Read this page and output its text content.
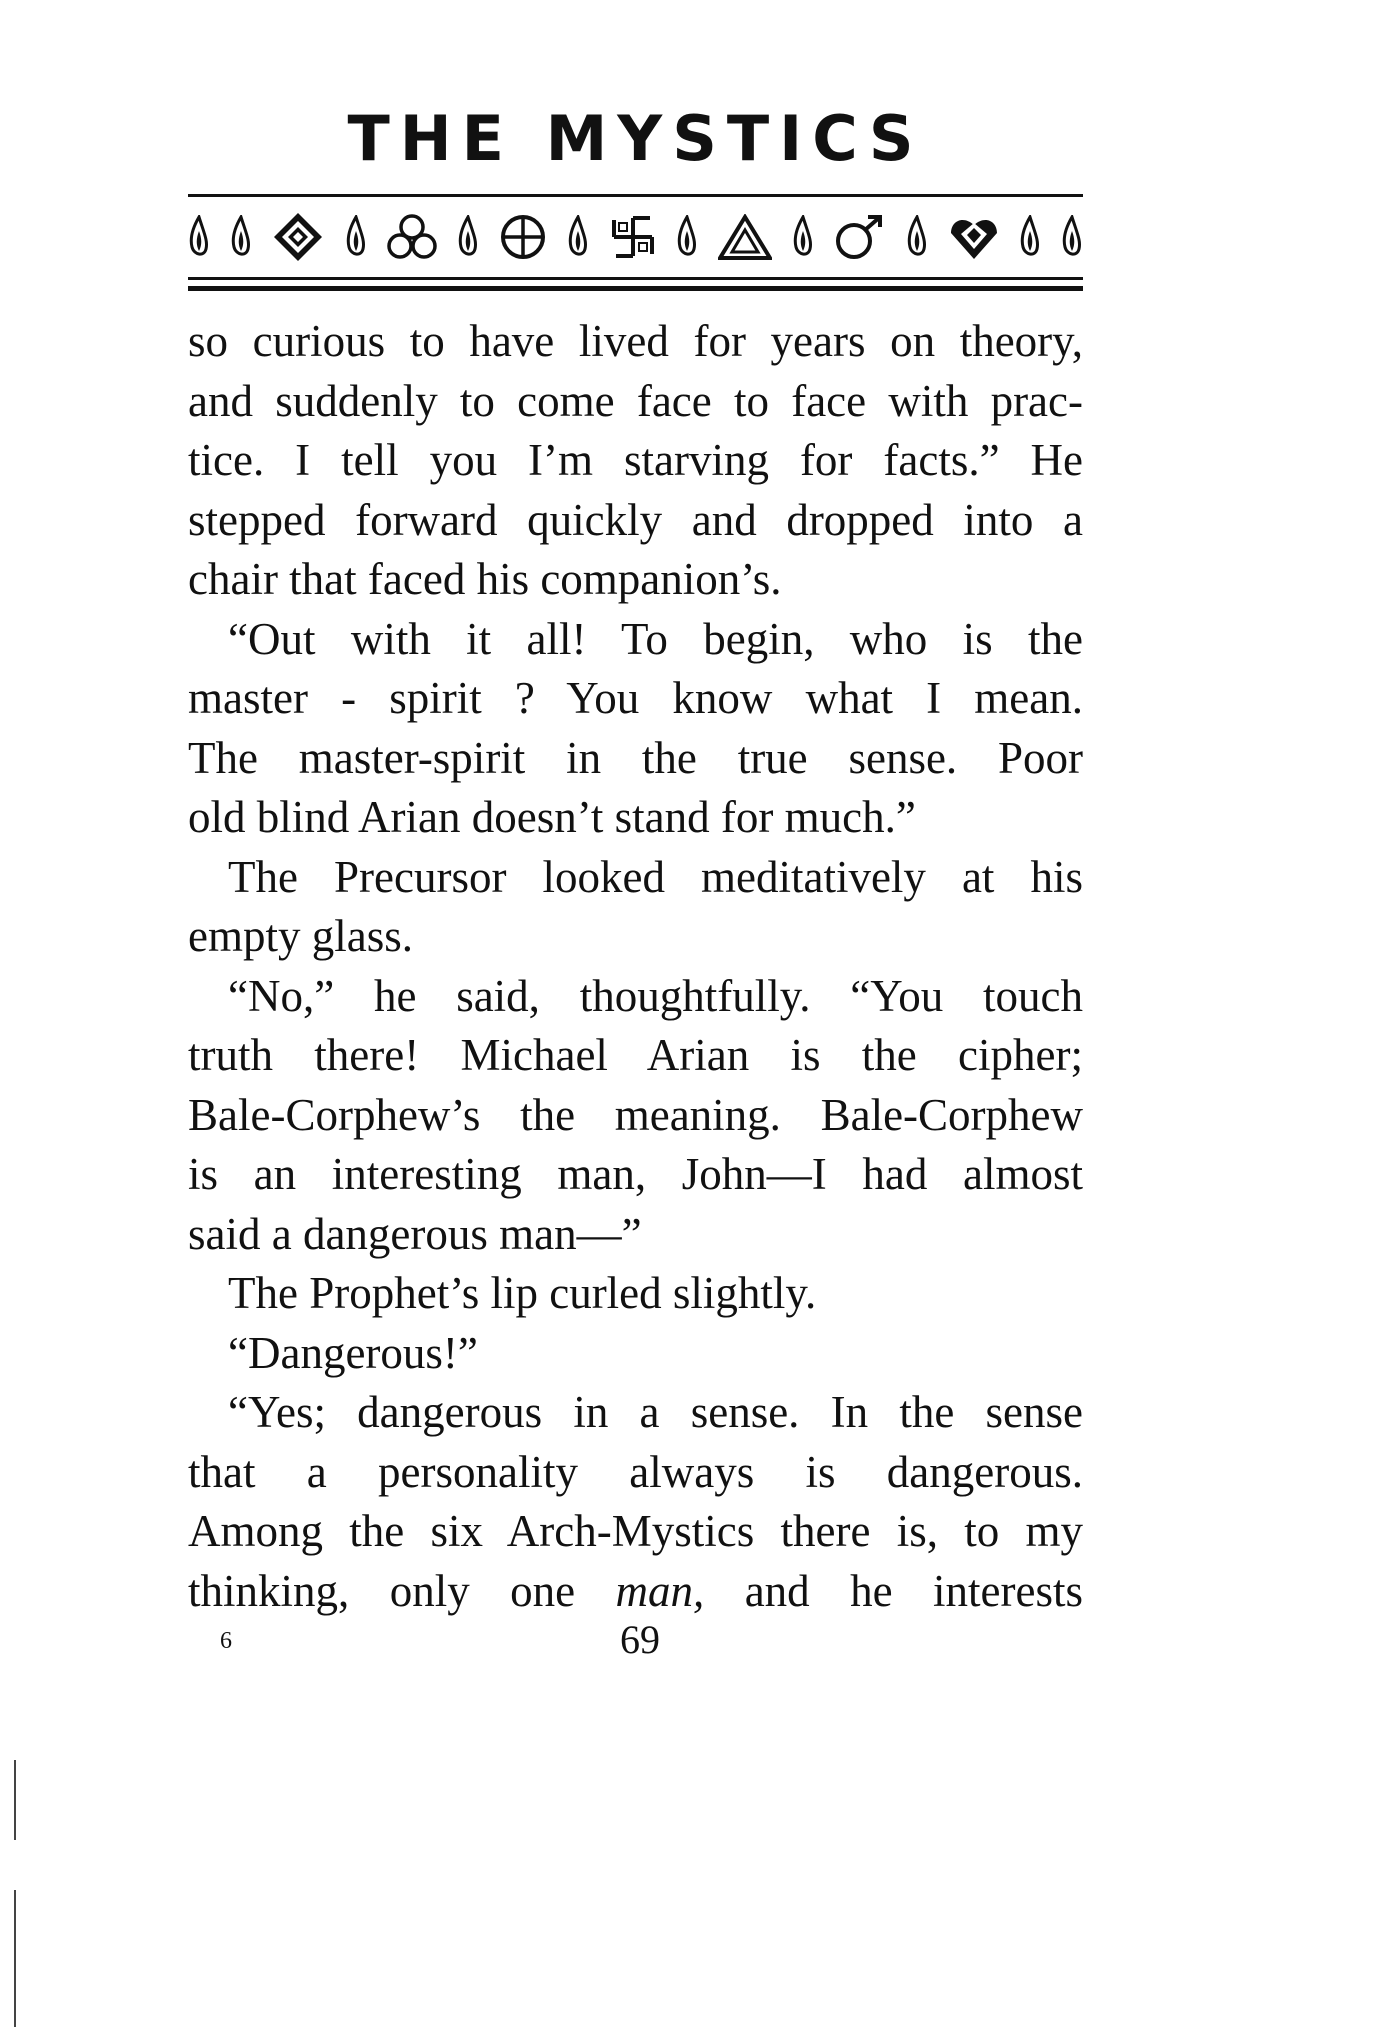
THE MYSTICS
so curious to have lived for years on theory,
and suddenly to come face to face with prac-
tice. I tell you I’m starving for facts.” He
stepped forward quickly and dropped into a
chair that faced his companion’s.
“Out with it all! To begin, who is the
master - spirit ? You know what I mean.
The master-spirit in the true sense. Poor
old blind Arian doesn’t stand for much.”
The Precursor looked meditatively at his
empty glass.
“No,” he said, thoughtfully. “You touch
truth there! Michael Arian is the cipher;
Bale-Corphew’s the meaning. Bale-Corphew
is an interesting man, John—I had almost
said a dangerous man—”
The Prophet’s lip curled slightly.
“Dangerous!”
“Yes; dangerous in a sense. In the sense
that a personality always is dangerous.
Among the six Arch-Mystics there is, to my
thinking, only one man, and he interests
6	69
